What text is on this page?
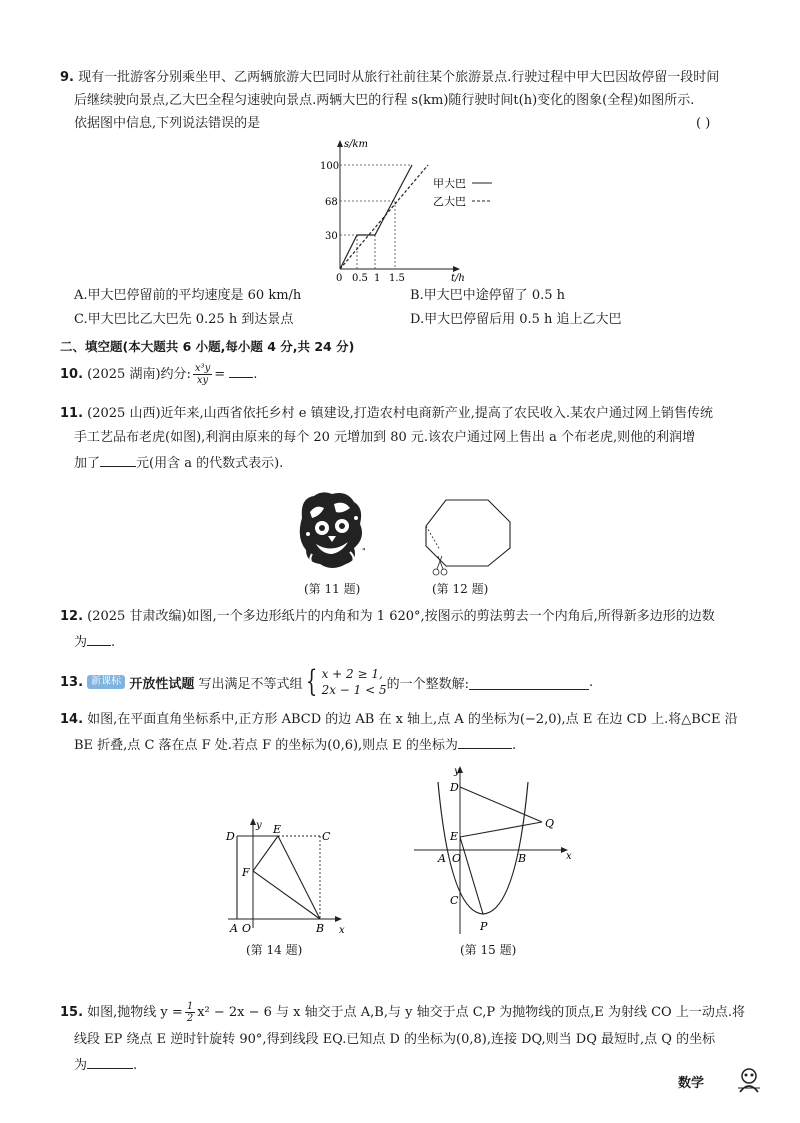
9. 现有一批游客分别乘坐甲、乙两辆旅游大巴同时从旅行社前往某个旅游景点.行驶过程中甲大巴因故停留一段时间
后继续驶向景点,乙大巴全程匀速驶向景点.两辆大巴的行程 s(km)随行驶时间t(h)变化的图象(全程)如图所示.
依据图中信息,下列说法错误的是	( )
s/km
t/h
100
68
30
0 0.5 1 1.5
甲大巴
乙大巴
A.甲大巴停留前的平均速度是 60 km/h	B.甲大巴中途停留了 0.5 h
C.甲大巴比乙大巴先 0.25 h 到达景点	D.甲大巴停留后用 0.5 h 追上乙大巴
二、填空题(本大题共 6 小题,每小题 4 分,共 24 分)
10. (2025 湖南)约分: $\frac{\text{x³y}}{xy}$ = .
11. (2025 山西)近年来,山西省依托乡村 e 镇建设,打造农村电商新产业,提高了农民收入.某农户通过网上销售传统
手工艺品布老虎(如图),利润由原来的每个 20 元增加到 80 元.该农户通过网上售出 a 个布老虎,则他的利润增
加了	元(用含 a 的代数式表示).
"
(第 11 题)	(第 12 题)
12. (2025 甘肃改编)如图,一个多边形纸片的内角和为 1 620°,按图示的剪法剪去一个内角后,所得新多边形的边数
为 .
13.
新课标
开放性试题
写出满足不等式组 { x + 2 ≥ 1,
2x − 1 < 5 的一个整数解:	.
14. 如图,在平面直角坐标系中,正方形 ABCD 的边 AB 在 x 轴上,点 A 的坐标为(−2,0),点 E 在边 CD 上.将△BCE 沿
BE 折叠,点 C 落在点 F 处.若点 F 的坐标为(0,6),则点 E 的坐标为	.
x
y
D
E
C
F
A O	B
(第 14 题)
y
x
D
Q
E
A O	B
C
P
(第 15 题)
15. 如图,抛物线 $y = \frac{1}{2} x^2 - 2x - 6$ 与 x 轴交于点 A,B,与 y 轴交于点 C,P 为抛物线的顶点,E 为射线 CO 上一动点.将
线段 EP 绕点 E 逆时针旋转 90°,得到线段 EQ.已知点 D 的坐标为(0,8),连接 DQ,则当 DQ 最短时,点 Q 的坐标
为	.
数学
